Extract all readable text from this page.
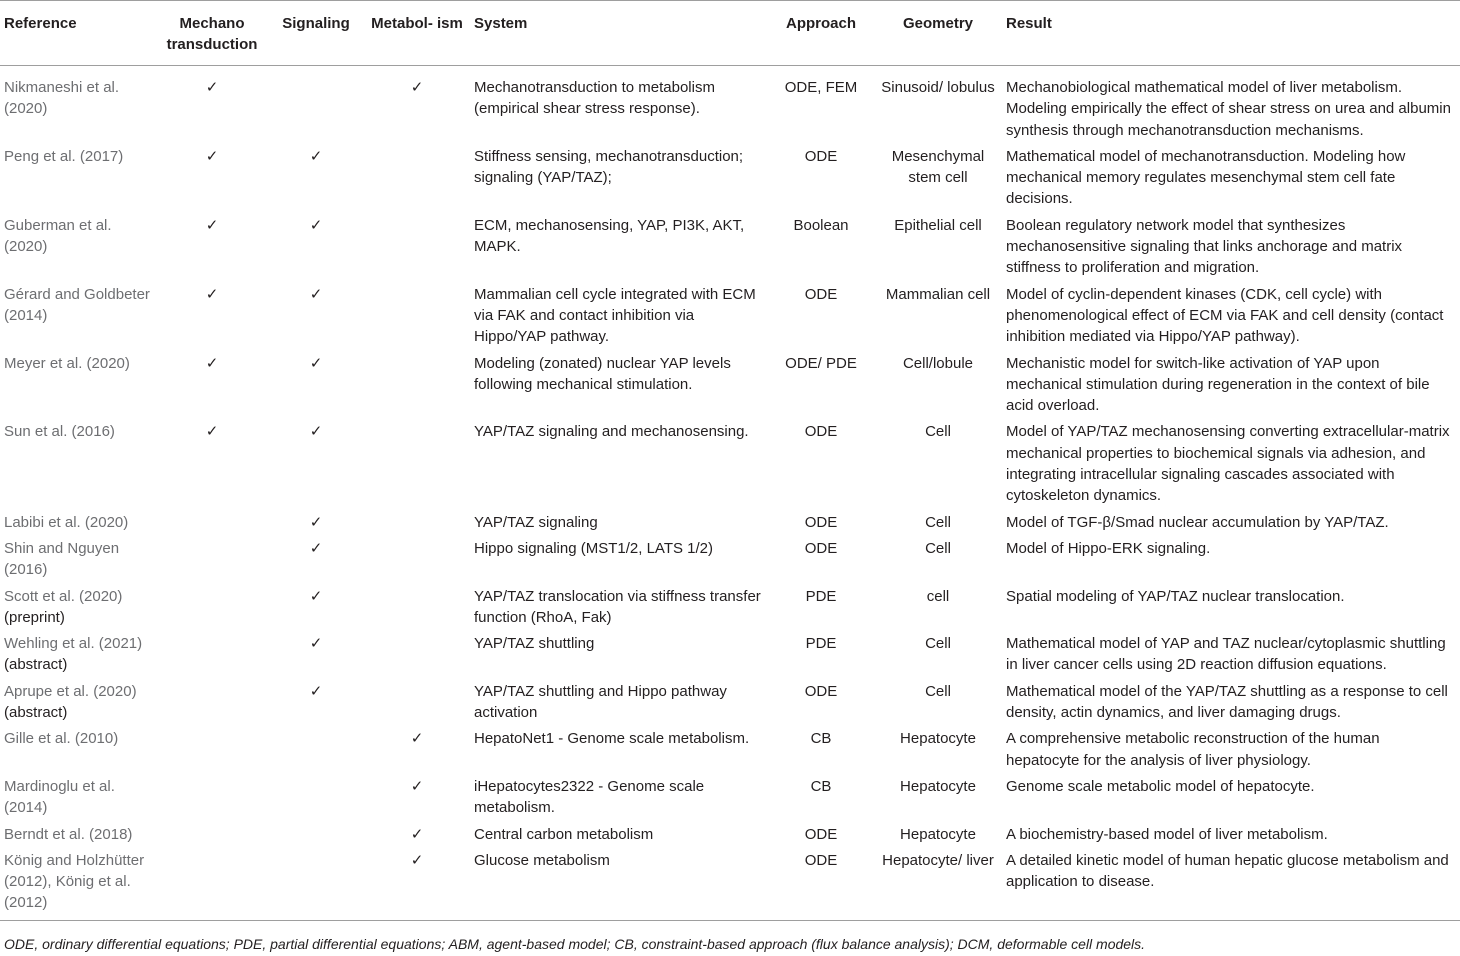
Reference	Mechano transduction	Signaling	Metabol- ism	System	Approach	Geometry	Result
Nikmaneshi et al. (2020)	✓		✓	Mechanotransduction to metabolism (empirical shear stress response).	ODE, FEM	Sinusoid/ lobulus	Mechanobiological mathematical model of liver metabolism. Modeling empirically the effect of shear stress on urea and albumin synthesis through mechanotransduction mechanisms.
Peng et al. (2017)	✓	✓		Stiffness sensing, mechanotransduction; signaling (YAP/TAZ);	ODE	Mesenchymal stem cell	Mathematical model of mechanotransduction. Modeling how mechanical memory regulates mesenchymal stem cell fate decisions.
Guberman et al. (2020)	✓	✓		ECM, mechanosensing, YAP, PI3K, AKT, MAPK.	Boolean	Epithelial cell	Boolean regulatory network model that synthesizes mechanosensitive signaling that links anchorage and matrix stiffness to proliferation and migration.
Gérard and Goldbeter (2014)	✓	✓		Mammalian cell cycle integrated with ECM via FAK and contact inhibition via Hippo/YAP pathway.	ODE	Mammalian cell	Model of cyclin-dependent kinases (CDK, cell cycle) with phenomenological effect of ECM via FAK and cell density (contact inhibition mediated via Hippo/YAP pathway).
Meyer et al. (2020)	✓	✓		Modeling (zonated) nuclear YAP levels following mechanical stimulation.	ODE/ PDE	Cell/lobule	Mechanistic model for switch-like activation of YAP upon mechanical stimulation during regeneration in the context of bile acid overload.
Sun et al. (2016)	✓	✓		YAP/TAZ signaling and mechanosensing.	ODE	Cell	Model of YAP/TAZ mechanosensing converting extracellular-matrix mechanical properties to biochemical signals via adhesion, and integrating intracellular signaling cascades associated with cytoskeleton dynamics.
Labibi et al. (2020)		✓		YAP/TAZ signaling	ODE	Cell	Model of TGF-β/Smad nuclear accumulation by YAP/TAZ.
Shin and Nguyen (2016)		✓		Hippo signaling (MST1/2, LATS 1/2)	ODE	Cell	Model of Hippo-ERK signaling.
Scott et al. (2020) (preprint)		✓		YAP/TAZ translocation via stiffness transfer function (RhoA, Fak)	PDE	cell	Spatial modeling of YAP/TAZ nuclear translocation.
Wehling et al. (2021) (abstract)		✓		YAP/TAZ shuttling	PDE	Cell	Mathematical model of YAP and TAZ nuclear/cytoplasmic shuttling in liver cancer cells using 2D reaction diffusion equations.
Aprupe et al. (2020) (abstract)		✓		YAP/TAZ shuttling and Hippo pathway activation	ODE	Cell	Mathematical model of the YAP/TAZ shuttling as a response to cell density, actin dynamics, and liver damaging drugs.
Gille et al. (2010)			✓	HepatoNet1 - Genome scale metabolism.	CB	Hepatocyte	A comprehensive metabolic reconstruction of the human hepatocyte for the analysis of liver physiology.
Mardinoglu et al. (2014)			✓	iHepatocytes2322 - Genome scale metabolism.	CB	Hepatocyte	Genome scale metabolic model of hepatocyte.
Berndt et al. (2018)			✓	Central carbon metabolism	ODE	Hepatocyte	A biochemistry-based model of liver metabolism.
König and Holzhütter (2012), König et al. (2012)			✓	Glucose metabolism	ODE	Hepatocyte/ liver	A detailed kinetic model of human hepatic glucose metabolism and application to disease.
ODE, ordinary differential equations; PDE, partial differential equations; ABM, agent-based model; CB, constraint-based approach (flux balance analysis); DCM, deformable cell models.
